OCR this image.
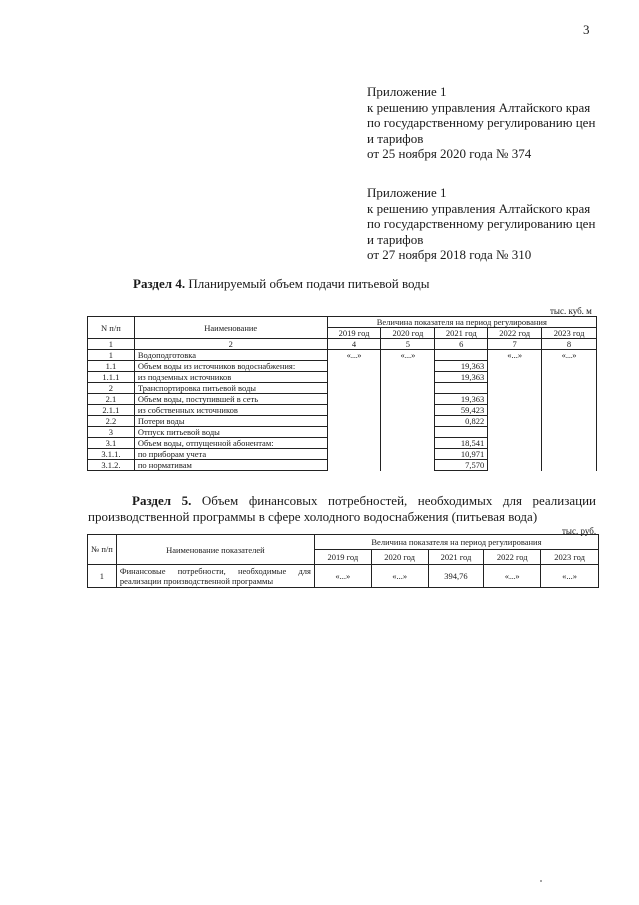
3
Приложение 1
к решению управления Алтайского края
по государственному регулированию цен
и тарифов
от 25 ноября 2020 года № 374
Приложение 1
к решению управления Алтайского края
по государственному регулированию цен
и тарифов
от 27 ноября 2018 года № 310
Раздел 4. Планируемый объем подачи питьевой воды
тыс. куб. м
N п/п	Наименование	Величина показателя на период регулирования				
		2019 год	2020 год	2021 год	2022 год	2023 год
1	2	4	5	6	7	8
1	Водоподготовка	«...»	«...»		«...»	«...»
1.1	Объем воды из источников водоснабжения:			19,363		
1.1.1	из подземных источников			19,363		
2	Транспортировка питьевой воды					
2.1	Объем воды, поступившей в сеть			19,363		
2.1.1	из собственных источников			59,423		
2.2	Потери воды			0,822		
3	Отпуск питьевой воды					
3.1	Объем воды, отпущенной абонентам:			18,541		
3.1.1.	по приборам учета			10,971		
3.1.2.	по нормативам			7,570		
Раздел 5. Объем финансовых потребностей, необходимых для реализации
производственной программы в сфере холодного водоснабжения (питьевая вода)
тыс. руб.
№ п/п	Наименование показателей	Величина показателя на период регулирования				
		2019 год	2020 год	2021 год	2022 год	2023 год
1	Финансовые потребности, необходимые для реализации производственной программы	«...»	«...»	394,76	«...»	«...»
